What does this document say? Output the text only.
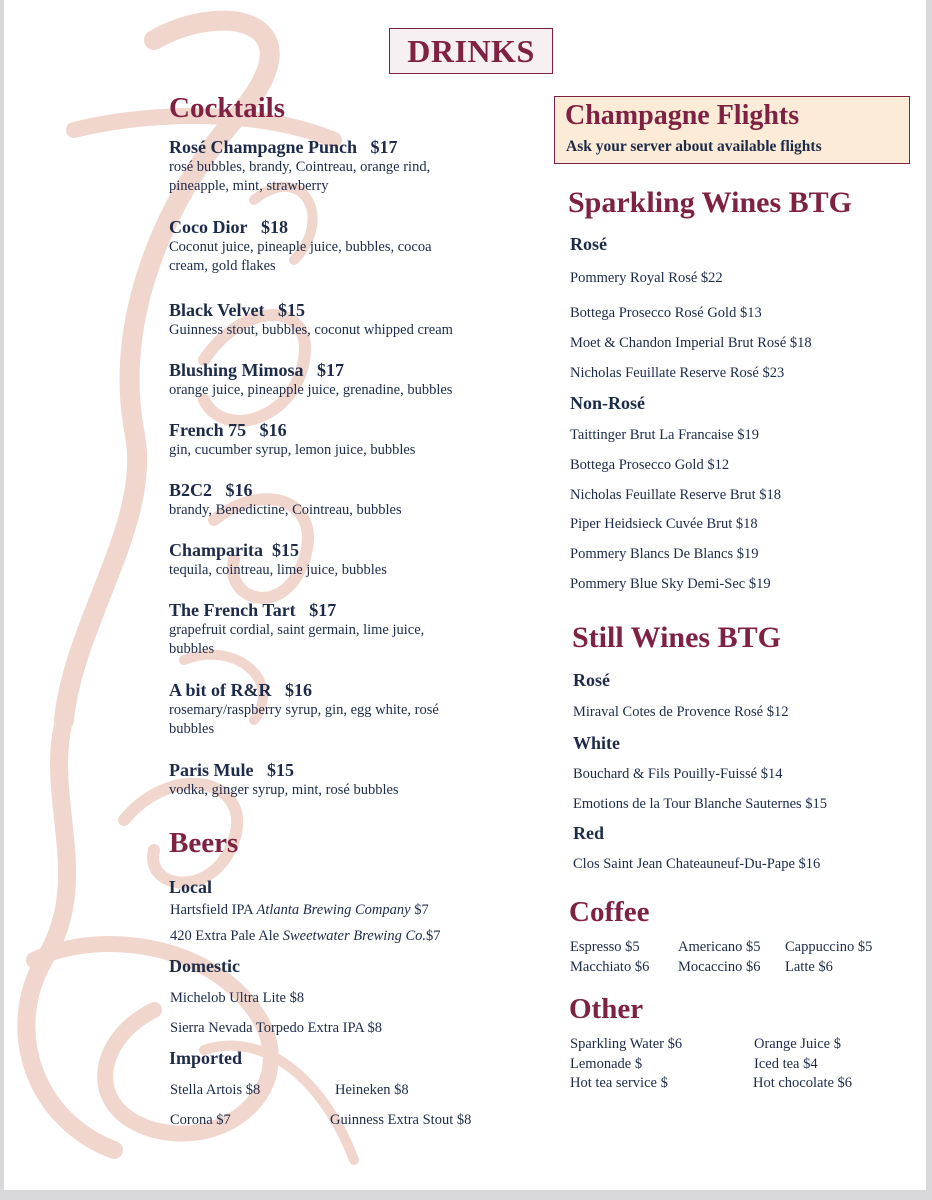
DRINKS
Cocktails
Rosé Champagne Punch $17
rosé bubbles, brandy, Cointreau, orange rind,
pineapple, mint, strawberry
Coco Dior $18
Coconut juice, pineaple juice, bubbles, cocoa
cream, gold flakes
Black Velvet $15
Guinness stout, bubbles, coconut whipped cream
Blushing Mimosa $17
orange juice, pineapple juice, grenadine, bubbles
French 75 $16
gin, cucumber syrup, lemon juice, bubbles
B2C2 $16
brandy, Benedictine, Cointreau, bubbles
Champarita $15
tequila, cointreau, lime juice, bubbles
The French Tart $17
grapefruit cordial, saint germain, lime juice,
bubbles
A bit of R&R $16
rosemary/raspberry syrup, gin, egg white, rosé
bubbles
Paris Mule $15
vodka, ginger syrup, mint, rosé bubbles
Beers
Local
Hartsfield IPA Atlanta Brewing Company $7
420 Extra Pale Ale Sweetwater Brewing Co.$7
Domestic
Michelob Ultra Lite $8
Sierra Nevada Torpedo Extra IPA $8
Imported
Stella Artois $8	Heineken $8
Corona $7	Guinness Extra Stout $8
Champagne Flights
Ask your server about available flights
Sparkling Wines BTG
Rosé
Pommery Royal Rosé $22
Bottega Prosecco Rosé Gold $13
Moet & Chandon Imperial Brut Rosé $18
Nicholas Feuillate Reserve Rosé $23
Non-Rosé
Taittinger Brut La Francaise $19
Bottega Prosecco Gold $12
Nicholas Feuillate Reserve Brut $18
Piper Heidsieck Cuvée Brut $18
Pommery Blancs De Blancs $19
Pommery Blue Sky Demi-Sec $19
Still Wines BTG
Rosé
Miraval Cotes de Provence Rosé $12
White
Bouchard & Fils Pouilly-Fuissé $14
Emotions de la Tour Blanche Sauternes $15
Red
Clos Saint Jean Chateauneuf-Du-Pape $16
Coffee
Espresso $5	Americano $5 Cappuccino $5
Macchiato $6 Mocaccino $6 Latte $6
Other
Sparkling Water $6	Orange Juice $
Lemonade $	Iced tea $4
Hot tea service $	Hot chocolate $6
